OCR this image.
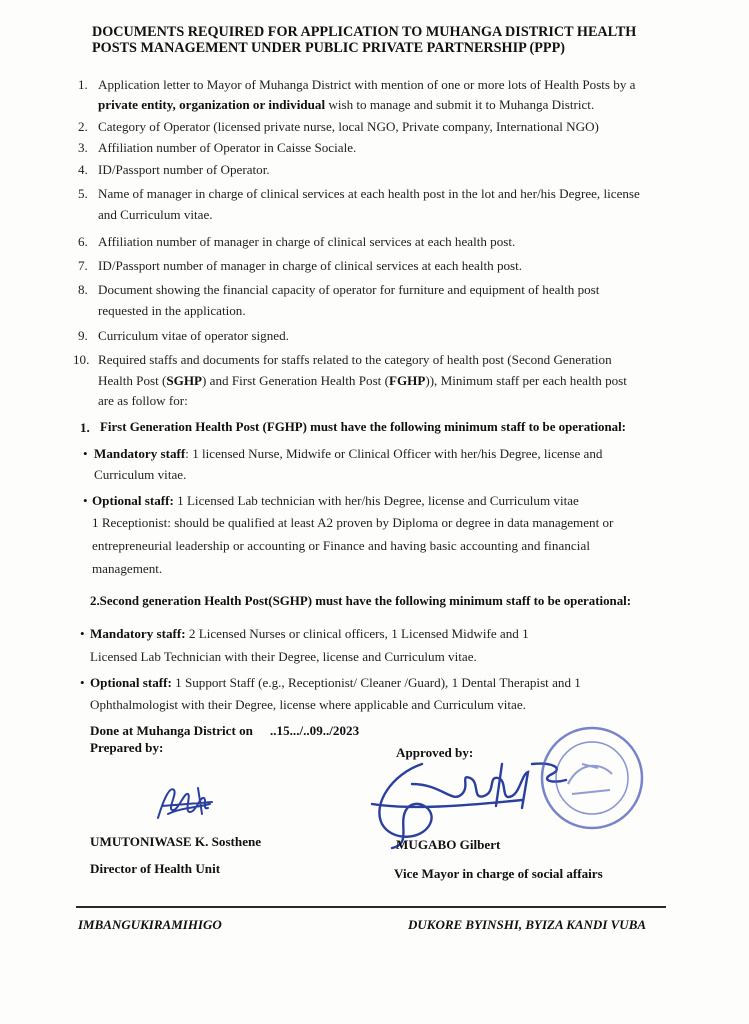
DOCUMENTS REQUIRED FOR APPLICATION TO MUHANGA DISTRICT HEALTH
POSTS MANAGEMENT UNDER PUBLIC PRIVATE PARTNERSHIP (PPP)
1. Application letter to Mayor of Muhanga District with mention of one or more lots of Health Posts by a
private entity, organization or individual wish to manage and submit it to Muhanga District.
2. Category of Operator (licensed private nurse, local NGO, Private company, International NGO)
3. Affiliation number of Operator in Caisse Sociale.
4. ID/Passport number of Operator.
5. Name of manager in charge of clinical services at each health post in the lot and her/his Degree, license
and Curriculum vitae.
6. Affiliation number of manager in charge of clinical services at each health post.
7. ID/Passport number of manager in charge of clinical services at each health post.
8. Document showing the financial capacity of operator for furniture and equipment of health post
requested in the application.
9. Curriculum vitae of operator signed.
10. Required staffs and documents for staffs related to the category of health post (Second Generation
Health Post (SGHP) and First Generation Health Post (FGHP)), Minimum staff per each health post
are as follow for:
1. First Generation Health Post (FGHP) must have the following minimum staff to be operational:
• Mandatory staff: 1 licensed Nurse, Midwife or Clinical Officer with her/his Degree, license and
Curriculum vitae.
• Optional staff: 1 Licensed Lab technician with her/his Degree, license and Curriculum vitae
1 Receptionist: should be qualified at least A2 proven by Diploma or degree in data management or
entrepreneurial leadership or accounting or Finance and having basic accounting and financial
management.
2.Second generation Health Post(SGHP) must have the following minimum staff to be operational:
• Mandatory staff: 2 Licensed Nurses or clinical officers, 1 Licensed Midwife and 1
Licensed Lab Technician with their Degree, license and Curriculum vitae.
• Optional staff: 1 Support Staff (e.g., Receptionist/ Cleaner /Guard), 1 Dental Therapist and 1
Ophthalmologist with their Degree, license where applicable and Curriculum vitae.
Done at Muhanga District on ..15.../..09../2023
Prepared by:	Approved by:
UMUTONIWASE K. Sosthene
Director of Health Unit
MUGABO Gilbert
Vice Mayor in charge of social affairs
IMBANGUKIRAMIHIGO	DUKORE BYINSHI, BYIZA KANDI VUBA
